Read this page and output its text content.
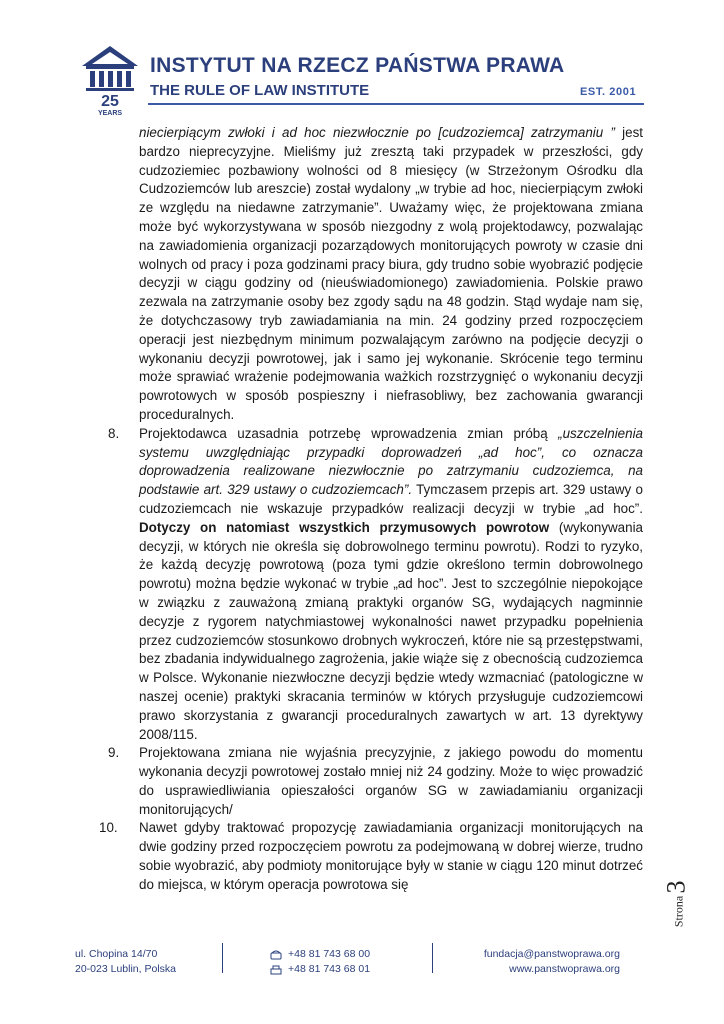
25
YEARS
INSTYTUT NA RZECZ PAŃSTWA PRAWA
THE RULE OF LAW INSTITUTE	EST. 2001

niecierpiącym zwłoki i ad hoc niezwłocznie po [cudzoziemca] zatrzymaniu ” jest bardzo nieprecyzyjne. Mieliśmy już zresztą taki przypadek w przeszłości, gdy cudzoziemiec pozbawiony wolności od 8 miesięcy (w Strzeżonym Ośrodku dla Cudzoziemców lub areszcie) został wydalony „w trybie ad hoc, niecierpiącym zwłoki ze względu na niedawne zatrzymanie”. Uważamy więc, że projektowana zmiana może być wykorzystywana w sposób niezgodny z wolą projektodawcy, pozwalając na zawiadomienia organizacji pozarządowych monitorujących powroty w czasie dni wolnych od pracy i poza godzinami pracy biura, gdy trudno sobie wyobrazić podjęcie decyzji w ciągu godziny od (nieuświadomionego) zawiadomienia. Polskie prawo zezwala na zatrzymanie osoby bez zgody sądu na 48 godzin. Stąd wydaje nam się, że dotychczasowy tryb zawiadamiania na min. 24 godziny przed rozpoczęciem operacji jest niezbędnym minimum pozwalającym zarówno na podjęcie decyzji o wykonaniu decyzji powrotowej, jak i samo jej wykonanie. Skrócenie tego terminu może sprawiać wrażenie podejmowania ważkich rozstrzygnięć o wykonaniu decyzji powrotowych w sposób pospieszny i niefrasobliwy, bez zachowania gwarancji proceduralnych.

8. Projektodawca uzasadnia potrzebę wprowadzenia zmian próbą „uszczelnienia systemu uwzględniając przypadki doprowadzeń „ad hoc”, co oznacza doprowadzenia realizowane niezwłocznie po zatrzymaniu cudzoziemca, na podstawie art. 329 ustawy o cudzoziemcach”. Tymczasem przepis art. 329 ustawy o cudzoziemcach nie wskazuje przypadków realizacji decyzji w trybie „ad hoc”. Dotyczy on natomiast wszystkich przymusowych powrotow (wykonywania decyzji, w których nie określa się dobrowolnego terminu powrotu). Rodzi to ryzyko, że każdą decyzję powrotową (poza tymi gdzie określono termin dobrowolnego powrotu) można będzie wykonać w trybie „ad hoc”. Jest to szczególnie niepokojące w związku z zauważoną zmianą praktyki organów SG, wydających nagminnie decyzje z rygorem natychmiastowej wykonalności nawet przypadku popełnienia przez cudzoziemców stosunkowo drobnych wykroczeń, które nie są przestępstwami, bez zbadania indywidualnego zagrożenia, jakie wiąże się z obecnością cudzoziemca w Polsce. Wykonanie niezwłoczne decyzji będzie wtedy wzmacniać (patologiczne w naszej ocenie) praktyki skracania terminów w których przysługuje cudzoziemcowi prawo skorzystania z gwarancji proceduralnych zawartych w art. 13 dyrektywy 2008/115.

9. Projektowana zmiana nie wyjaśnia precyzyjnie, z jakiego powodu do momentu wykonania decyzji powrotowej zostało mniej niż 24 godziny. Może to więc prowadzić do usprawiedliwiania opieszałości organów SG w zawiadamianiu organizacji monitorujących/

10. Nawet gdyby traktować propozycję zawiadamiania organizacji monitorujących na dwie godziny przed rozpoczęciem powrotu za podejmowaną w dobrej wierze, trudno sobie wyobrazić, aby podmioty monitorujące były w stanie w ciągu 120 minut dotrzeć do miejsca, w którym operacja powrotowa się

Strona
3
ul. Chopina 14/70
20-023 Lublin, Polska
+48 81 743 68 00
+48 81 743 68 01
fundacja@panstwoprawa.org
www.panstwoprawa.org
